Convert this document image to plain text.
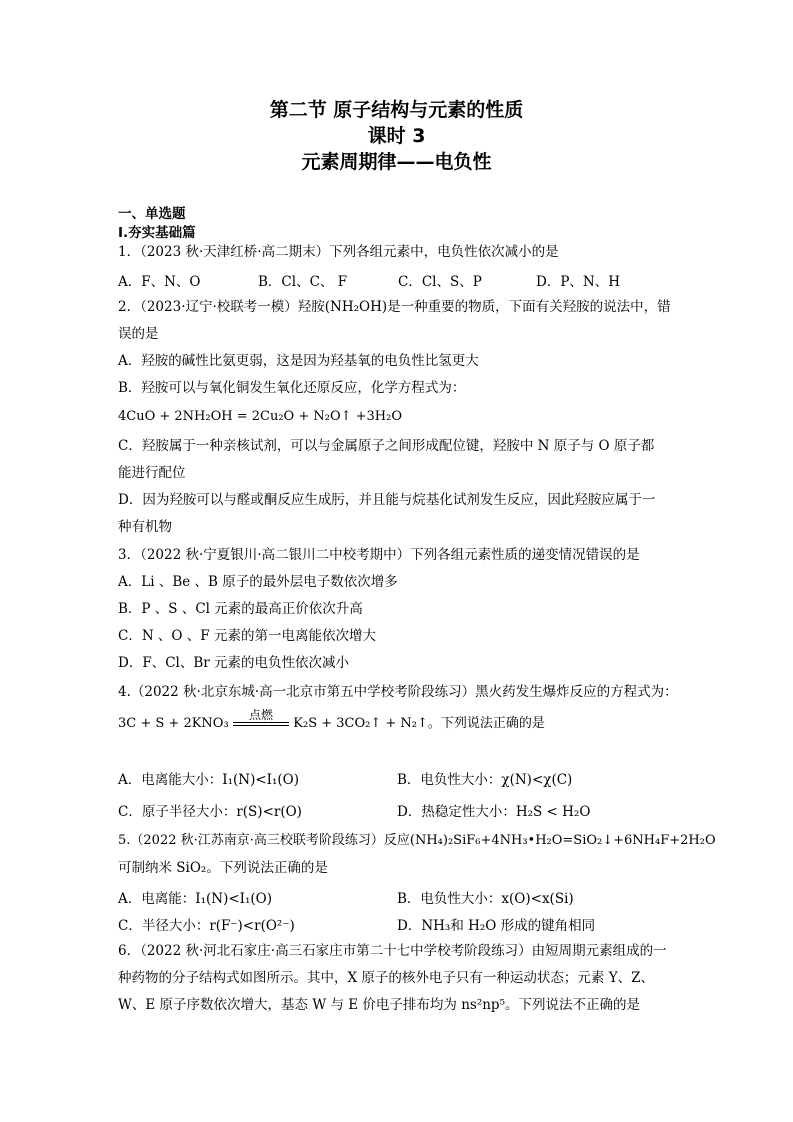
第二节 原子结构与元素的性质
课时 3
元素周期律——电负性
一、单选题
Ⅰ.夯实基础篇
1．（2023 秋·天津红桥·高二期末）下列各组元素中，电负性依次减小的是
A．F、N、O	B．Cl、C、 F	C．Cl、S、P	D．P、N、H
2．（2023·辽宁·校联考一模）羟胺(NH₂OH)是一种重要的物质，下面有关羟胺的说法中，错
误的是
A．羟胺的碱性比氨更弱，这是因为羟基氧的电负性比氢更大
B．羟胺可以与氧化铜发生氧化还原反应，化学方程式为：
4CuO + 2NH₂OH = 2Cu₂O + N₂O↑ +3H₂O
C．羟胺属于一种亲核试剂，可以与金属原子之间形成配位键，羟胺中 N 原子与 O 原子都
能进行配位
D．因为羟胺可以与醛或酮反应生成肟，并且能与烷基化试剂发生反应，因此羟胺应属于一
种有机物
3．（2022 秋·宁夏银川·高二银川二中校考期中）下列各组元素性质的递变情况错误的是
A．Li 、Be 、B 原子的最外层电子数依次增多
B．P 、S 、Cl 元素的最高正价依次升高
C．N 、O 、F 元素的第一电离能依次增大
D．F、Cl、Br 元素的电负性依次减小
4.（2022 秋·北京东城·高一北京市第五中学校考阶段练习）黑火药发生爆炸反应的方程式为：
3C + S + 2KNO₃
点燃
K₂S + 3CO₂↑ + N₂↑。下列说法正确的是
A．电离能大小：I₁(N)<I₁(O)	B．电负性大小：χ(N)<χ(C)
C．原子半径大小：r(S)<r(O)	D．热稳定性大小：H₂S < H₂O
5.（2022 秋·江苏南京·高三校联考阶段练习）反应(NH₄)₂SiF₆+4NH₃•H₂O=SiO₂↓+6NH₄F+2H₂O
可制纳米 SiO₂。下列说法正确的是
A．电离能：I₁(N)<I₁(O)	B．电负性大小：x(O)<x(Si)
C．半径大小：r(F⁻)<r(O²⁻)	D．NH₃和 H₂O 形成的键角相同
6．（2022 秋·河北石家庄·高三石家庄市第二十七中学校考阶段练习）由短周期元素组成的一
种药物的分子结构式如图所示。其中，X 原子的核外电子只有一种运动状态；元素 Y、Z、
W、E 原子序数依次增大，基态 W 与 E 价电子排布均为 ns²np⁵。下列说法不正确的是
